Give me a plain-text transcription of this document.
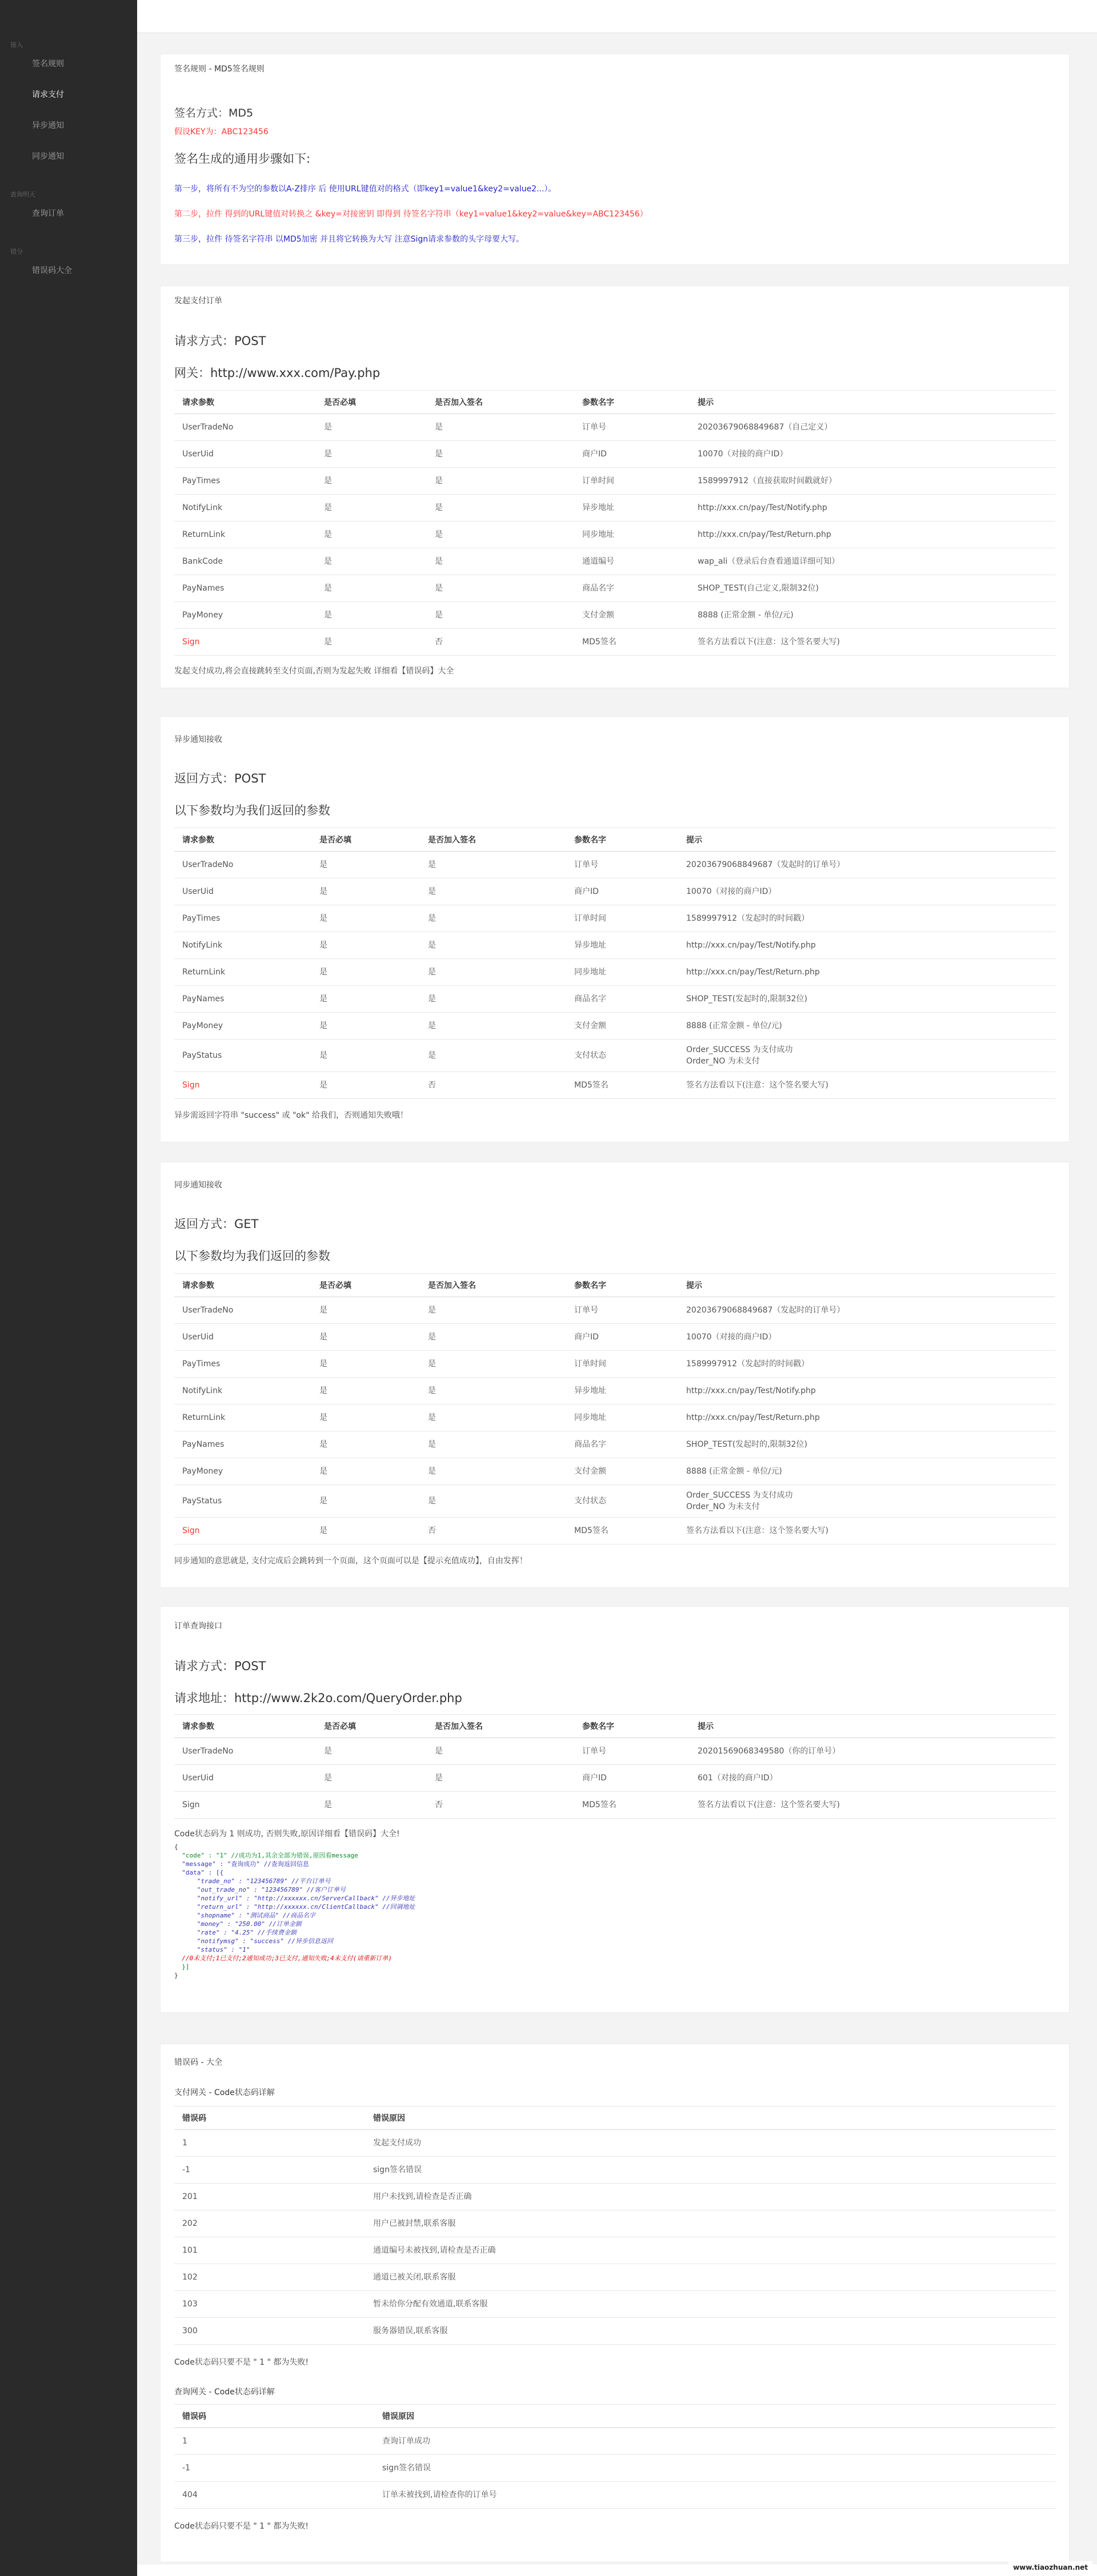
接入
签名规则
请求支付
异步通知
同步通知
查询明天
查询订单
错分
错误码大全
签名规则 - MD5签名规则
签名方式：MD5
假设KEY为：ABC123456
签名生成的通用步骤如下:
第一步，将所有不为空的参数以A-Z排序 后 使用URL键值对的格式（即key1=value1&key2=value2...）。
第二步，拉件 得到的URL键值对转换之 &key=对接密钥 即得到 待签名字符串（key1=value1&key2=value&key=ABC123456）
第三步，拉件 待签名字符串 以MD5加密 并且将它转换为大写 注意Sign请求参数的头字母要大写。
发起支付订单
请求方式：POST
网关：http://www.xxx.com/Pay.php
请求参数	是否必填	是否加入签名	参数名字	提示
UserTradeNo	是	是	订单号	20203679068849687（自己定义）
UserUid	是	是	商户ID	10070（对接的商户ID）
PayTimes	是	是	订单时间	1589997912（直接获取时间戳就好）
NotifyLink	是	是	异步地址	http://xxx.cn/pay/Test/Notify.php
ReturnLink	是	是	同步地址	http://xxx.cn/pay/Test/Return.php
BankCode	是	是	通道编号	wap_ali（登录后台查看通道详细可知）
PayNames	是	是	商品名字	SHOP_TEST(自己定义,限制32位)
PayMoney	是	是	支付金额	8888 (正常金额 - 单位/元)
Sign	是	否	MD5签名	签名方法看以下(注意：这个签名要大写)
发起支付成功,将会直接跳转至支付页面,否则为发起失败 详细看【错误码】大全
异步通知接收
返回方式：POST
以下参数均为我们返回的参数
请求参数	是否必填	是否加入签名	参数名字	提示
UserTradeNo	是	是	订单号	20203679068849687（发起时的订单号）
UserUid	是	是	商户ID	10070（对接的商户ID）
PayTimes	是	是	订单时间	1589997912（发起时的时间戳）
NotifyLink	是	是	异步地址	http://xxx.cn/pay/Test/Notify.php
ReturnLink	是	是	同步地址	http://xxx.cn/pay/Test/Return.php
PayNames	是	是	商品名字	SHOP_TEST(发起时的,限制32位)
PayMoney	是	是	支付金额	8888 (正常金额 - 单位/元)
PayStatus	是	是	支付状态	Order_SUCCESS 为支付成功
Order_NO 为未支付
Sign	是	否	MD5签名	签名方法看以下(注意：这个签名要大写)
异步需返回字符串 "success" 或 "ok" 给我们，否则通知失败哦！
同步通知接收
返回方式：GET
以下参数均为我们返回的参数
请求参数	是否必填	是否加入签名	参数名字	提示
UserTradeNo	是	是	订单号	20203679068849687（发起时的订单号）
UserUid	是	是	商户ID	10070（对接的商户ID）
PayTimes	是	是	订单时间	1589997912（发起时的时间戳）
NotifyLink	是	是	异步地址	http://xxx.cn/pay/Test/Notify.php
ReturnLink	是	是	同步地址	http://xxx.cn/pay/Test/Return.php
PayNames	是	是	商品名字	SHOP_TEST(发起时的,限制32位)
PayMoney	是	是	支付金额	8888 (正常金额 - 单位/元)
PayStatus	是	是	支付状态	Order_SUCCESS 为支付成功
Order_NO 为未支付
Sign	是	否	MD5签名	签名方法看以下(注意：这个签名要大写)
同步通知的意思就是, 支付完成后会跳转到一个页面，这个页面可以是【提示充值成功】，自由发挥！
订单查询接口
请求方式：POST
请求地址：http://www.2k2o.com/QueryOrder.php
请求参数	是否必填	是否加入签名	参数名字	提示
UserTradeNo	是	是	订单号	20201569068349580（你的订单号）
UserUid	是	是	商户ID	601（对接的商户ID）
Sign	是	否	MD5签名	签名方法看以下(注意：这个签名要大写)
Code状态码为 1 则成功, 否则失败,原因详细看【错误码】大全!
{
"code" : "1" //成功为1,其余全部为错误,原因看message
"message" : "查询成功" //查询返回信息
"data" : [{
"trade_no" : "123456789" //平台订单号
"out_trade_no" : "123456789" //客户订单号
"notify_url" : "http://xxxxxx.cn/ServerCallback" //异步地址
"return_url" : "http://xxxxxx.cn/ClientCallback" //回调地址
"shopname" : "测试商品" //商品名字
"money" : "250.00" //订单金额
"rate" : "4.25" //手续费金额
"notifymsg" : "success" //异步信息返回
"status" : "1"
//0未支付;1已支付;2通知成功;3已支付,通知失败;4未支付(请重新订单)
}]
}
错误码 - 大全
支付网关 - Code状态码详解
错误码	错误原因
1	发起支付成功
-1	sign签名错误
201	用户未找到,请检查是否正确
202	用户已被封禁,联系客服
101	通道编号未被找到,请检查是否正确
102	通道已被关闭,联系客服
103	暂未给你分配有效通道,联系客服
300	服务器错误,联系客服
Code状态码只要不是 " 1 " 都为失败!
查询网关 - Code状态码详解
错误码	错误原因
1	查询订单成功
-1	sign签名错误
404	订单未被找到,请检查你的订单号
Code状态码只要不是 " 1 " 都为失败!
www.tiaozhuan.net
